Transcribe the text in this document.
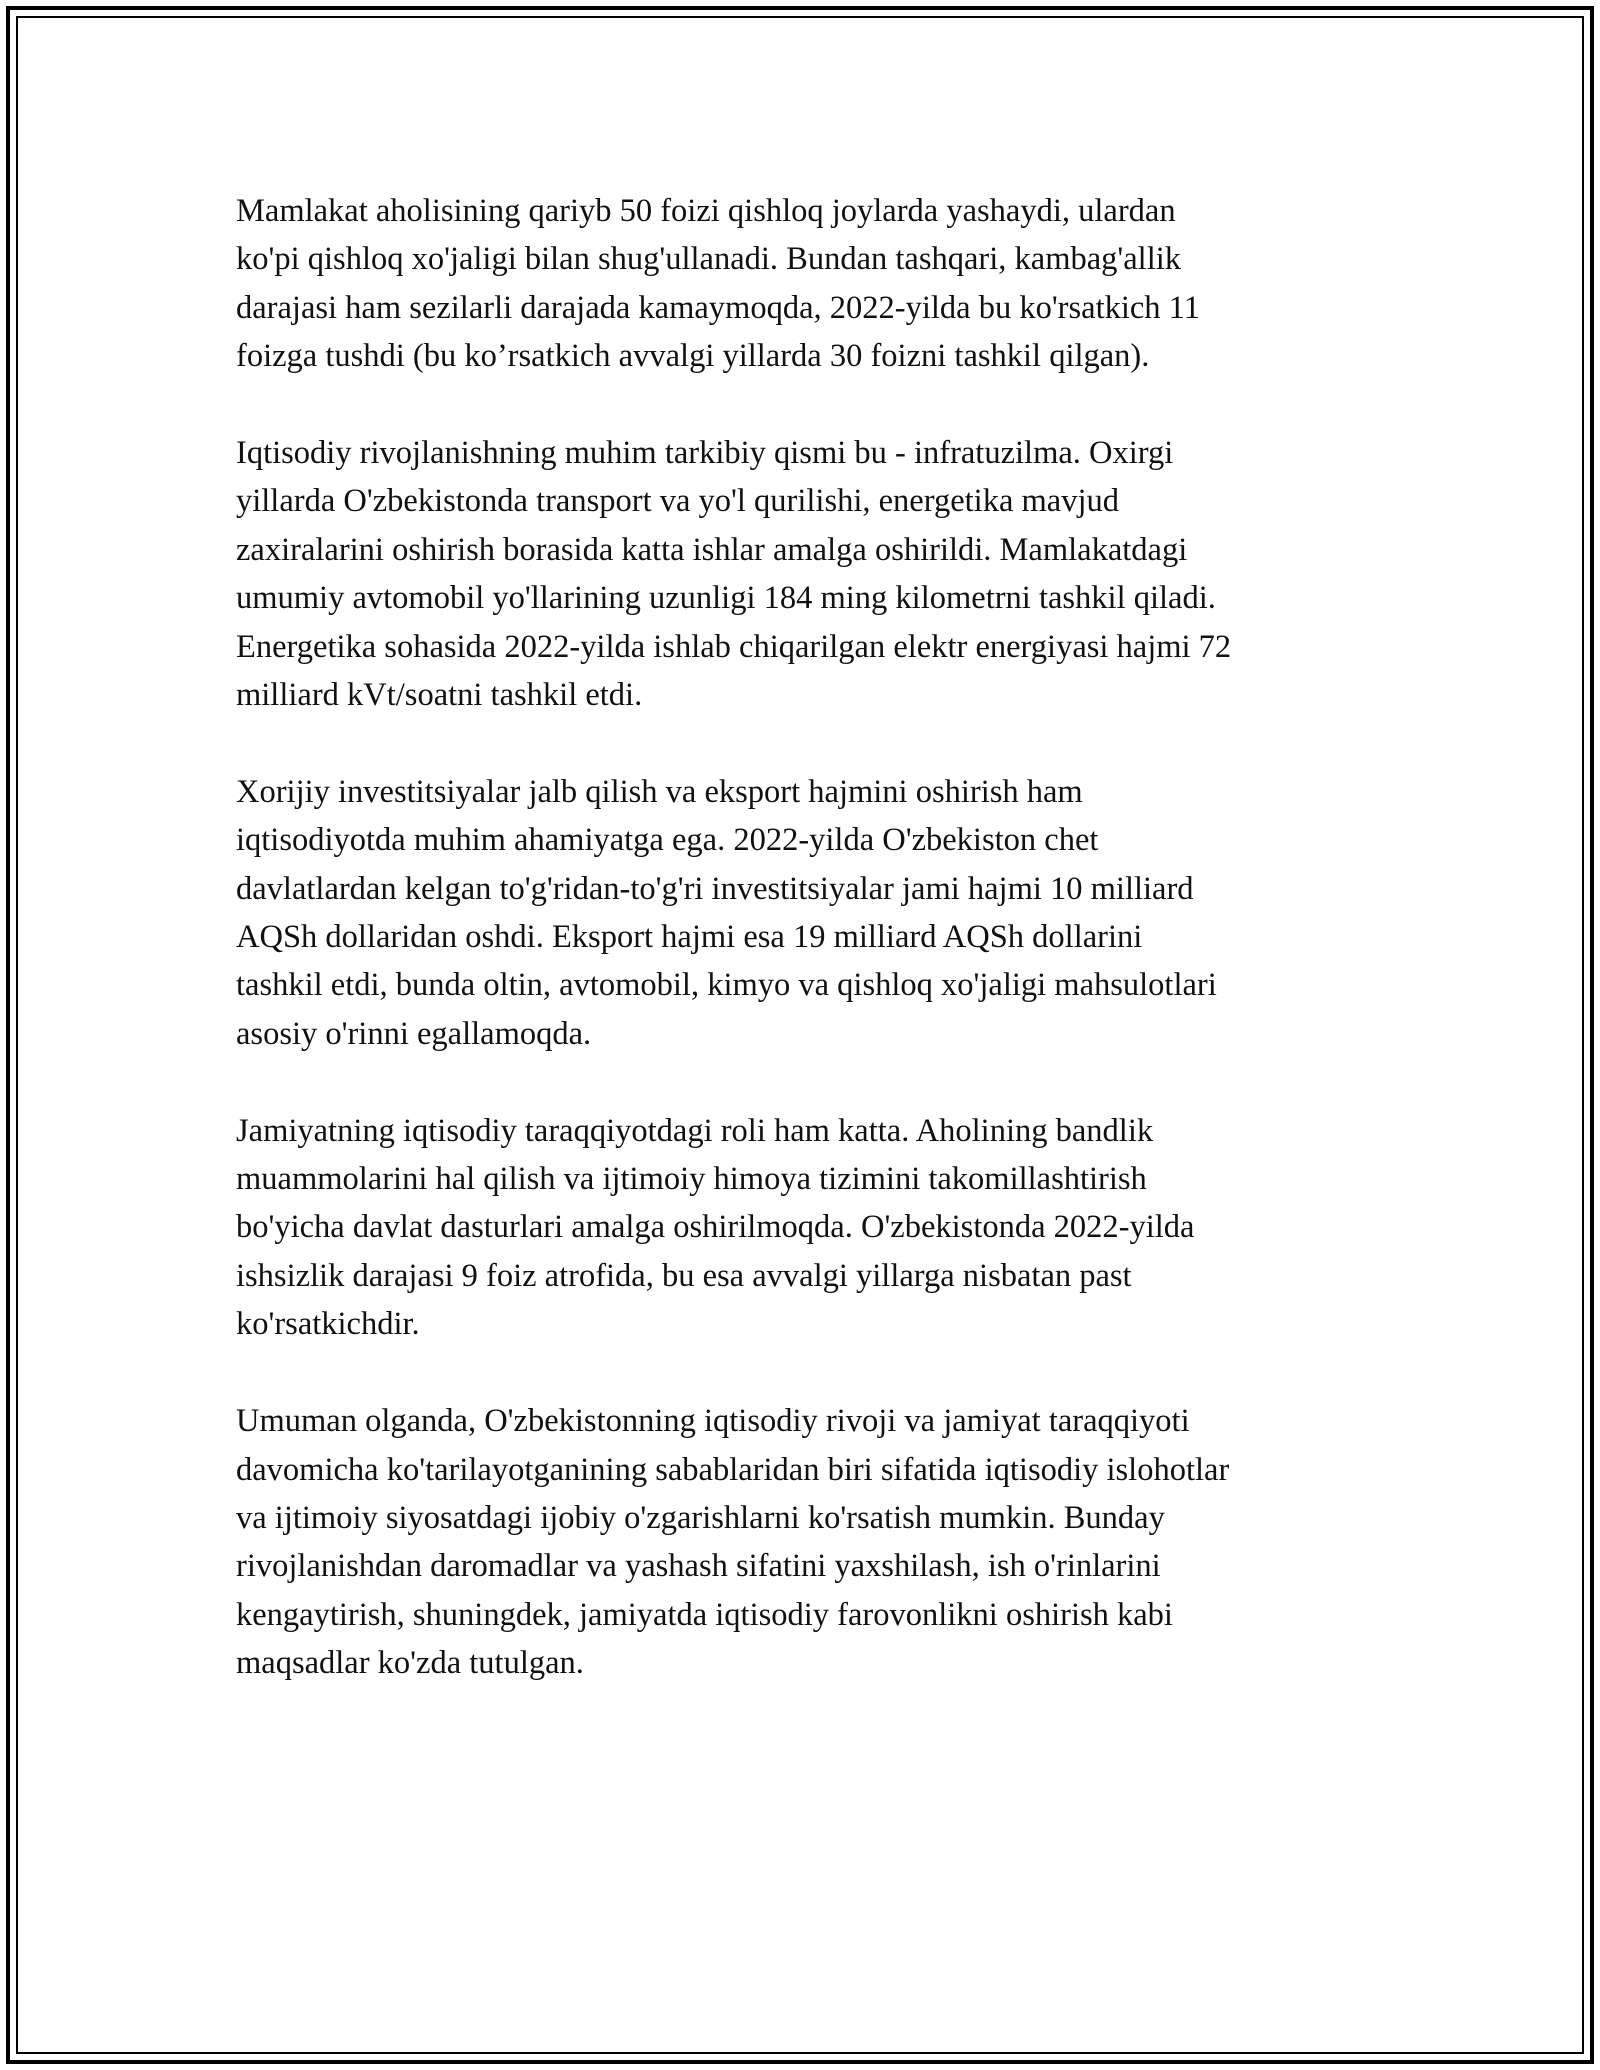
Mamlakat aholisining qariyb 50 foizi qishloq joylarda yashaydi, ulardan
ko'pi qishloq xo'jaligi bilan shug'ullanadi. Bundan tashqari, kambag'allik
darajasi ham sezilarli darajada kamaymoqda, 2022-yilda bu ko'rsatkich 11
foizga tushdi (bu ko’rsatkich avvalgi yillarda 30 foizni tashkil qilgan).

Iqtisodiy rivojlanishning muhim tarkibiy qismi bu - infratuzilma. Oxirgi
yillarda O'zbekistonda transport va yo'l qurilishi, energetika mavjud
zaxiralarini oshirish borasida katta ishlar amalga oshirildi. Mamlakatdagi
umumiy avtomobil yo'llarining uzunligi 184 ming kilometrni tashkil qiladi.
Energetika sohasida 2022-yilda ishlab chiqarilgan elektr energiyasi hajmi 72
milliard kVt/soatni tashkil etdi.

Xorijiy investitsiyalar jalb qilish va eksport hajmini oshirish ham
iqtisodiyotda muhim ahamiyatga ega. 2022-yilda O'zbekiston chet
davlatlardan kelgan to'g'ridan-to'g'ri investitsiyalar jami hajmi 10 milliard
AQSh dollaridan oshdi. Eksport hajmi esa 19 milliard AQSh dollarini
tashkil etdi, bunda oltin, avtomobil, kimyo va qishloq xo'jaligi mahsulotlari
asosiy o'rinni egallamoqda.

Jamiyatning iqtisodiy taraqqiyotdagi roli ham katta. Aholining bandlik
muammolarini hal qilish va ijtimoiy himoya tizimini takomillashtirish
bo'yicha davlat dasturlari amalga oshirilmoqda. O'zbekistonda 2022-yilda
ishsizlik darajasi 9 foiz atrofida, bu esa avvalgi yillarga nisbatan past
ko'rsatkichdir.

Umuman olganda, O'zbekistonning iqtisodiy rivoji va jamiyat taraqqiyoti
davomicha ko'tarilayotganining sabablaridan biri sifatida iqtisodiy islohotlar
va ijtimoiy siyosatdagi ijobiy o'zgarishlarni ko'rsatish mumkin. Bunday
rivojlanishdan daromadlar va yashash sifatini yaxshilash, ish o'rinlarini
kengaytirish, shuningdek, jamiyatda iqtisodiy farovonlikni oshirish kabi
maqsadlar ko'zda tutulgan.
